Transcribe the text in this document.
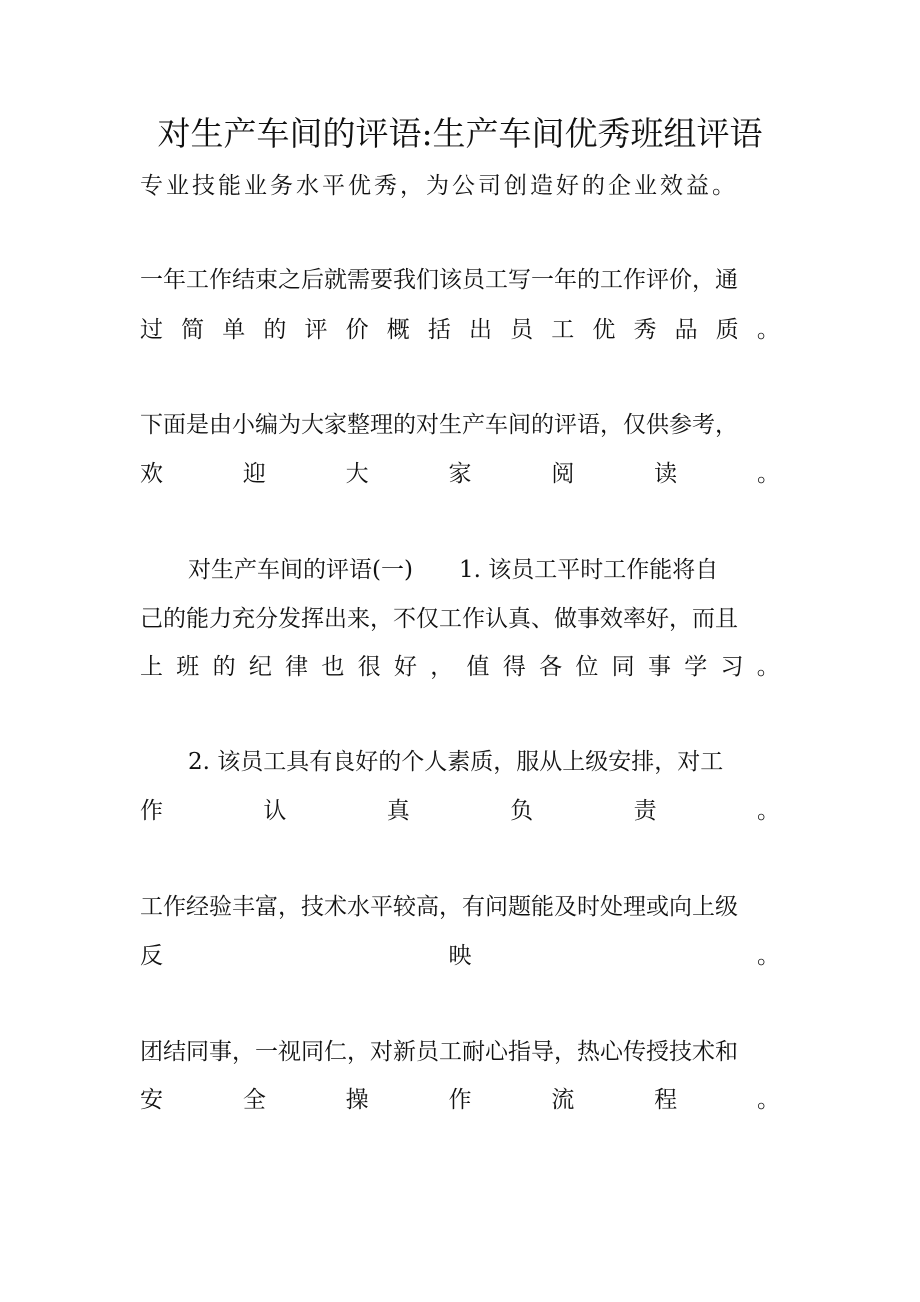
对生产车间的评语:生产车间优秀班组评语
专业技能业务水平优秀，为公司创造好的企业效益。
一年工作结束之后就需要我们该员工写一年的工作评价，通
过 简 单 的 评 价 概 括 出 员 工 优 秀 品 质 。
下面是由小编为大家整理的对生产车间的评语，仅供参考，
欢	迎	大	家	阅	读	。
对生产车间的评语(一)　　1. 该员工平时工作能将自
己的能力充分发挥出来，不仅工作认真、做事效率好，而且
上 班 的 纪 律 也 很 好 ， 值 得 各 位 同 事 学 习 。
2. 该员工具有良好的个人素质，服从上级安排，对工
作	认	真	负	责	。
工作经验丰富，技术水平较高，有问题能及时处理或向上级
反	映	。
团结同事，一视同仁，对新员工耐心指导，热心传授技术和
安	全	操	作	流	程	。
